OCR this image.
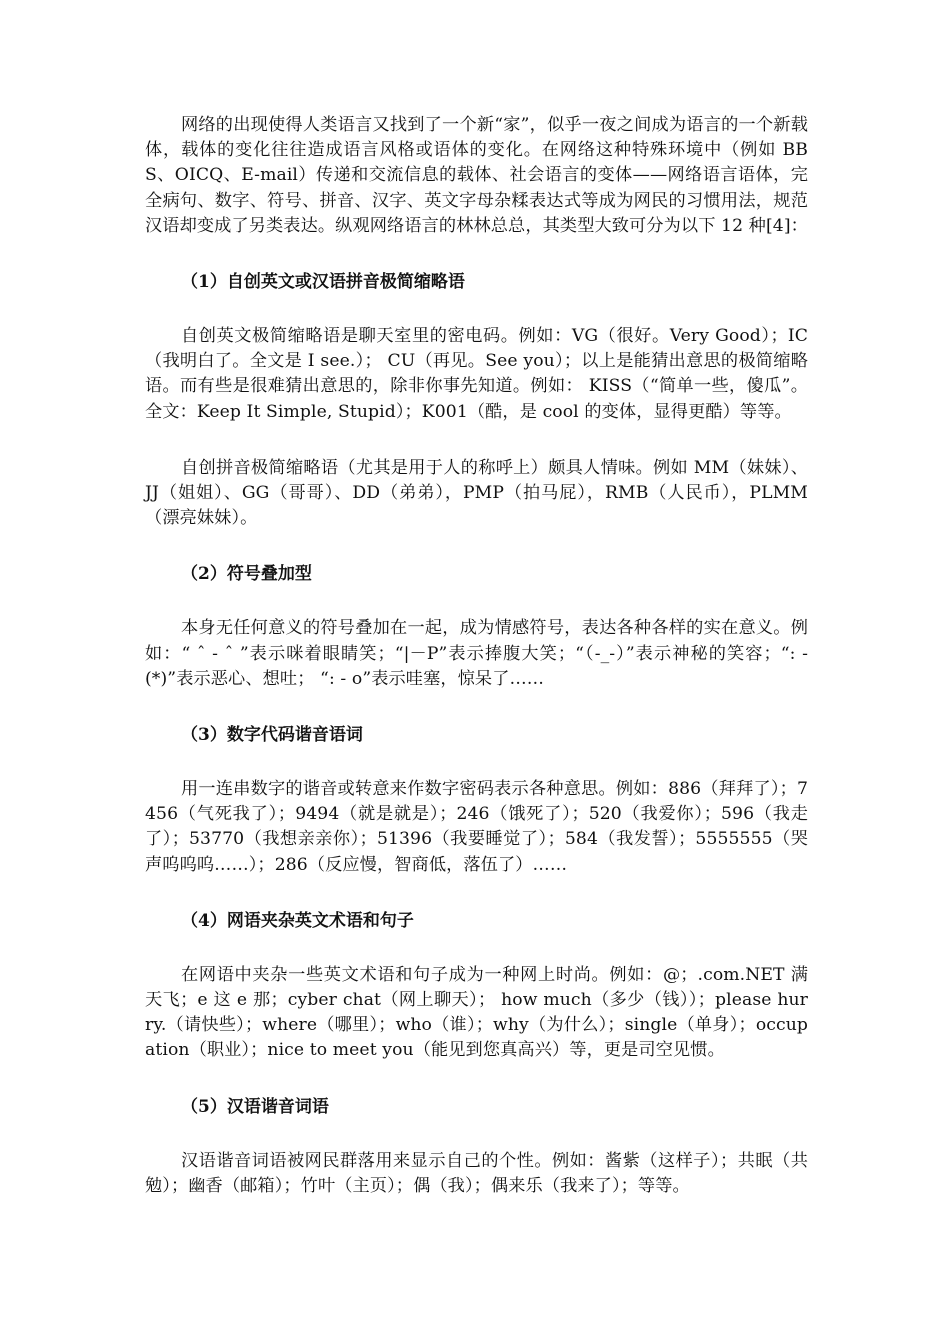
网络的出现使得人类语言又找到了一个新“家”，似乎一夜之间成为语言的一个新载体，载体的变化往往造成语言风格或语体的变化。在网络这种特殊环境中（例如 BBS、OICQ、E-mail）传递和交流信息的载体、社会语言的变体——网络语言语体，完全病句、数字、符号、拼音、汉字、英文字母杂糅表达式等成为网民的习惯用法，规范汉语却变成了另类表达。纵观网络语言的林林总总，其类型大致可分为以下 12 种[4]：

（1）自创英文或汉语拼音极简缩略语

自创英文极简缩略语是聊天室里的密电码。例如：VG（很好。Very Good）；IC（我明白了。全文是 I see.）； CU（再见。See you）；以上是能猜出意思的极简缩略语。而有些是很难猜出意思的，除非你事先知道。例如： KISS（“简单一些，傻瓜”。全文：Keep It Simple, Stupid）；K001（酷，是 cool 的变体，显得更酷）等等。

自创拼音极简缩略语（尤其是用于人的称呼上）颇具人情味。例如 MM（妹妹）、JJ（姐姐）、GG（哥哥）、DD（弟弟），PMP（拍马屁），RMB（人民币），PLMM（漂亮妹妹）。

（2）符号叠加型

本身无任何意义的符号叠加在一起，成为情感符号，表达各种各样的实在意义。例如：“ ˆ - ˆ ”表示咪着眼睛笑；“|－P”表示捧腹大笑；“（-_-）”表示神秘的笑容；“: -(*)”表示恶心、想吐； “: - o”表示哇塞，惊呆了……

（3）数字代码谐音语词

用一连串数字的谐音或转意来作数字密码表示各种意思。例如：886（拜拜了）；7456（气死我了）；9494（就是就是）；246（饿死了）；520（我爱你）；596（我走了）；53770（我想亲亲你）；51396（我要睡觉了）；584（我发誓）；5555555（哭声呜呜呜……）；286（反应慢，智商低，落伍了）……

（4）网语夹杂英文术语和句子

在网语中夹杂一些英文术语和句子成为一种网上时尚。例如：@；.com.NET 满天飞；e 这 e 那；cyber chat（网上聊天）； how much（多少（钱））；please hurry.（请快些）；where（哪里）；who（谁）；why（为什么）；single（单身）；occupation（职业）；nice to meet you（能见到您真高兴）等，更是司空见惯。

（5）汉语谐音词语

汉语谐音词语被网民群落用来显示自己的个性。例如：酱紫（这样子）；共眠（共勉）；幽香（邮箱）；竹叶（主页）；偶（我）；偶来乐（我来了）；等等。
